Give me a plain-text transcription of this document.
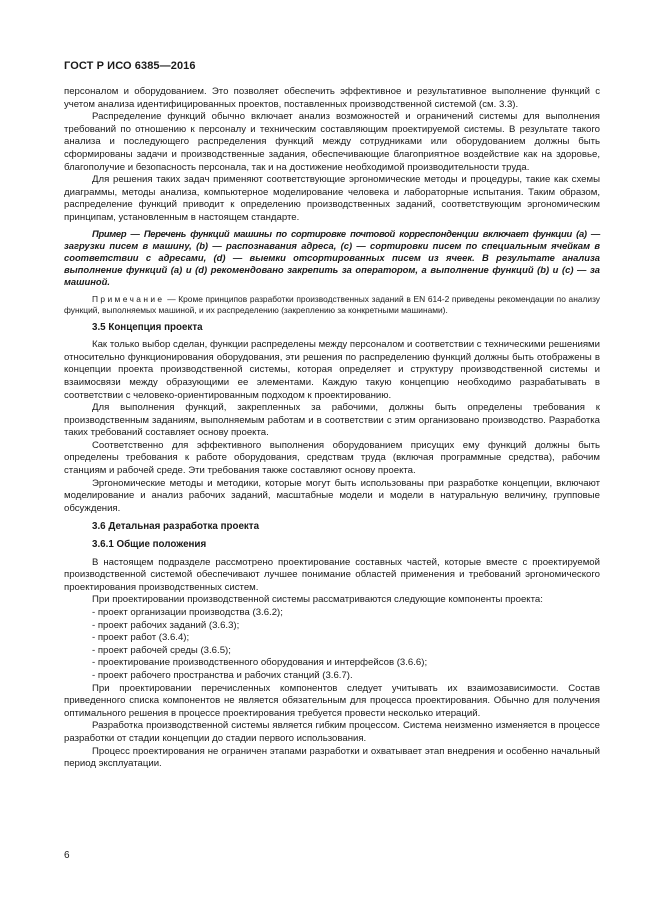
ГОСТ Р ИСО 6385—2016

персоналом и оборудованием. Это позволяет обеспечить эффективное и результативное выполнение функций с учетом анализа идентифицированных проектов, поставленных производственной системой (см. 3.3).

Распределение функций обычно включает анализ возможностей и ограничений системы для выполнения требований по отношению к персоналу и техническим составляющим проектируемой системы. В результате такого анализа и последующего распределения функций между сотрудниками или оборудованием должны быть сформированы задачи и производственные задания, обеспечивающие благоприятное воздействие как на здоровье, благополучие и безопасность персонала, так и на достижение необходимой производительности труда.

Для решения таких задач применяют соответствующие эргономические методы и процедуры, такие как схемы диаграммы, методы анализа, компьютерное моделирование человека и лабораторные испытания. Таким образом, распределение функций приводит к определению производственных заданий, соответствующим эргономическим принципам, установленным в настоящем стандарте.

Пример — Перечень функций машины по сортировке почтовой корреспонденции включает функции (a) — загрузки писем в машину, (b) — распознавания адреса, (c) — сортировки писем по специальным ячейкам в соответствии с адресами, (d) — выемки отсортированных писем из ячеек. В результате анализа выполнение функций (a) и (d) рекомендовано закрепить за оператором, а выполнение функций (b) и (c) — за машиной.

Примечание — Кроме принципов разработки производственных заданий в EN 614-2 приведены рекомендации по анализу функций, выполняемых машиной, и их распределению (закреплению за конкретными машинами).

3.5 Концепция проекта

Как только выбор сделан, функции распределены между персоналом и соответствии с техническими решениями относительно функционирования оборудования, эти решения по распределению функций должны быть отображены в концепции проекта производственной системы, которая определяет и структуру производственной системы и взаимосвязи между образующими ее элементами. Каждую такую концепцию необходимо разрабатывать в соответствии с человеко-ориентированным подходом к проектированию.

Для выполнения функций, закрепленных за рабочими, должны быть определены требования к производственным заданиям, выполняемым работам и в соответствии с этим организовано производство. Разработка таких требований составляет основу проекта.

Соответственно для эффективного выполнения оборудованием присущих ему функций должны быть определены требования к работе оборудования, средствам труда (включая программные средства), рабочим станциям и рабочей среде. Эти требования также составляют основу проекта.

Эргономические методы и методики, которые могут быть использованы при разработке концепции, включают моделирование и анализ рабочих заданий, масштабные модели и модели в натуральную величину, групповые обсуждения.

3.6 Детальная разработка проекта
3.6.1 Общие положения

В настоящем подразделе рассмотрено проектирование составных частей, которые вместе с проектируемой производственной системой обеспечивают лучшее понимание областей применения и требований эргономического проектирования производственных систем.

При проектировании производственной системы рассматриваются следующие компоненты проекта:

- проект организации производства (3.6.2);
- проект рабочих заданий (3.6.3);
- проект работ (3.6.4);
- проект рабочей среды (3.6.5);
- проектирование производственного оборудования и интерфейсов (3.6.6);
- проект рабочего пространства и рабочих станций (3.6.7).

При проектировании перечисленных компонентов следует учитывать их взаимозависимости. Состав приведенного списка компонентов не является обязательным для процесса проектирования. Обычно для получения оптимального решения в процессе проектирования требуется провести несколько итераций.

Разработка производственной системы является гибким процессом. Система неизменно изменяется в процессе разработки от стадии концепции до стадии первого использования.

Процесс проектирования не ограничен этапами разработки и охватывает этап внедрения и особенно начальный период эксплуатации.

6
